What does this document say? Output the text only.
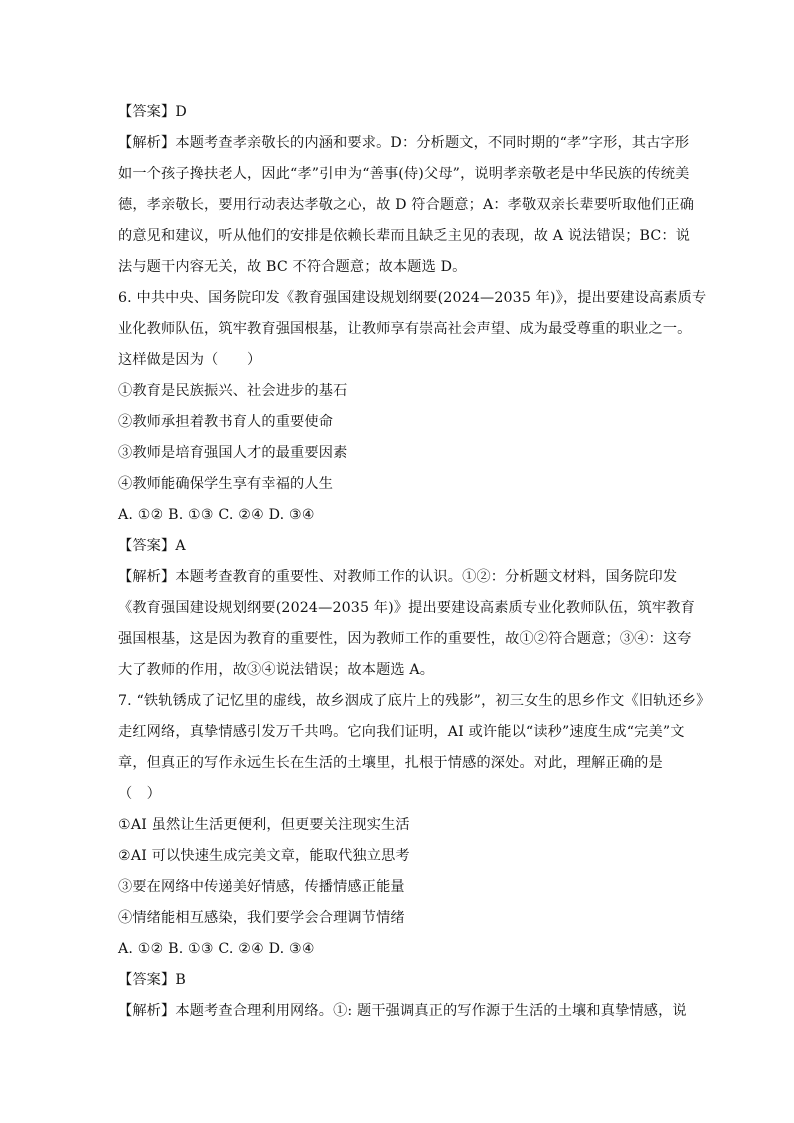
【答案】D
【解析】本题考查孝亲敬长的内涵和要求。D：分析题文，不同时期的“孝”字形，其古字形
如一个孩子搀扶老人，因此“孝”引申为“善事(侍)父母”，说明孝亲敬老是中华民族的传统美
德，孝亲敬长，要用行动表达孝敬之心，故 D 符合题意；A：孝敬双亲长辈要听取他们正确
的意见和建议，听从他们的安排是依赖长辈而且缺乏主见的表现，故 A 说法错误；BC：说
法与题干内容无关，故 BC 不符合题意；故本题选 D。
6. 中共中央、国务院印发《教育强国建设规划纲要(2024—2035 年)》，提出要建设高素质专
业化教师队伍，筑牢教育强国根基，让教师享有崇高社会声望、成为最受尊重的职业之一。
这样做是因为（　　）
①教育是民族振兴、社会进步的基石
②教师承担着教书育人的重要使命
③教师是培育强国人才的最重要因素
④教师能确保学生享有幸福的人生
A. ①② B. ①③ C. ②④ D. ③④
【答案】A
【解析】本题考查教育的重要性、对教师工作的认识。①②：分析题文材料，国务院印发
《教育强国建设规划纲要(2024—2035 年)》提出要建设高素质专业化教师队伍，筑牢教育
强国根基，这是因为教育的重要性，因为教师工作的重要性，故①②符合题意；③④：这夸
大了教师的作用，故③④说法错误；故本题选 A。
7. “铁轨锈成了记忆里的虚线，故乡洇成了底片上的残影”，初三女生的思乡作文《旧轨还乡》
走红网络，真挚情感引发万千共鸣。它向我们证明，AI 或许能以“读秒”速度生成“完美”文
章，但真正的写作永远生长在生活的土壤里，扎根于情感的深处。对此，理解正确的是
（　）
①AI 虽然让生活更便利，但更要关注现实生活
②AI 可以快速生成完美文章，能取代独立思考
③要在网络中传递美好情感，传播情感正能量
④情绪能相互感染，我们要学会合理调节情绪
A. ①② B. ①③ C. ②④ D. ③④
【答案】B
【解析】本题考查合理利用网络。①: 题干强调真正的写作源于生活的土壤和真挚情感，说
